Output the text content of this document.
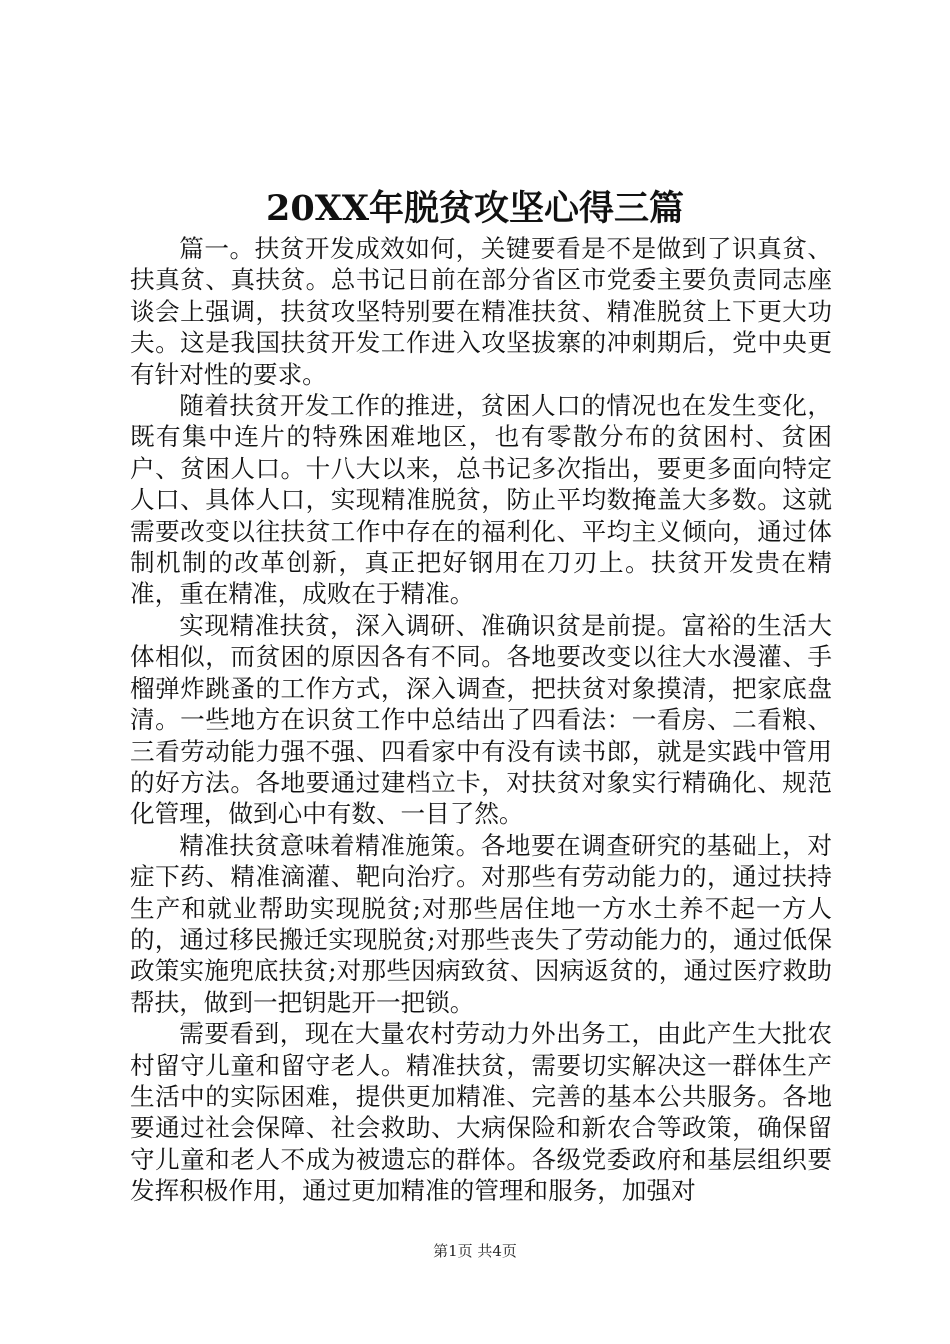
20XX年脱贫攻坚心得三篇

篇一。扶贫开发成效如何，关键要看是不是做到了识真贫、扶真贫、真扶贫。总书记日前在部分省区市党委主要负责同志座谈会上强调，扶贫攻坚特别要在精准扶贫、精准脱贫上下更大功夫。这是我国扶贫开发工作进入攻坚拔寨的冲刺期后，党中央更有针对性的要求。

随着扶贫开发工作的推进，贫困人口的情况也在发生变化，既有集中连片的特殊困难地区，也有零散分布的贫困村、贫困户、贫困人口。十八大以来，总书记多次指出，要更多面向特定人口、具体人口，实现精准脱贫，防止平均数掩盖大多数。这就需要改变以往扶贫工作中存在的福利化、平均主义倾向，通过体制机制的改革创新，真正把好钢用在刀刃上。扶贫开发贵在精准，重在精准，成败在于精准。

实现精准扶贫，深入调研、准确识贫是前提。富裕的生活大体相似，而贫困的原因各有不同。各地要改变以往大水漫灌、手榴弹炸跳蚤的工作方式，深入调查，把扶贫对象摸清，把家底盘清。一些地方在识贫工作中总结出了四看法：一看房、二看粮、三看劳动能力强不强、四看家中有没有读书郎，就是实践中管用的好方法。各地要通过建档立卡，对扶贫对象实行精确化、规范化管理，做到心中有数、一目了然。

精准扶贫意味着精准施策。各地要在调查研究的基础上，对症下药、精准滴灌、靶向治疗。对那些有劳动能力的，通过扶持生产和就业帮助实现脱贫;对那些居住地一方水土养不起一方人的，通过移民搬迁实现脱贫;对那些丧失了劳动能力的，通过低保政策实施兜底扶贫;对那些因病致贫、因病返贫的，通过医疗救助帮扶，做到一把钥匙开一把锁。

需要看到，现在大量农村劳动力外出务工，由此产生大批农村留守儿童和留守老人。精准扶贫，需要切实解决这一群体生产生活中的实际困难，提供更加精准、完善的基本公共服务。各地要通过社会保障、社会救助、大病保险和新农合等政策，确保留守儿童和老人不成为被遗忘的群体。各级党委政府和基层组织要发挥积极作用，通过更加精准的管理和服务，加强对

第1页 共4页
